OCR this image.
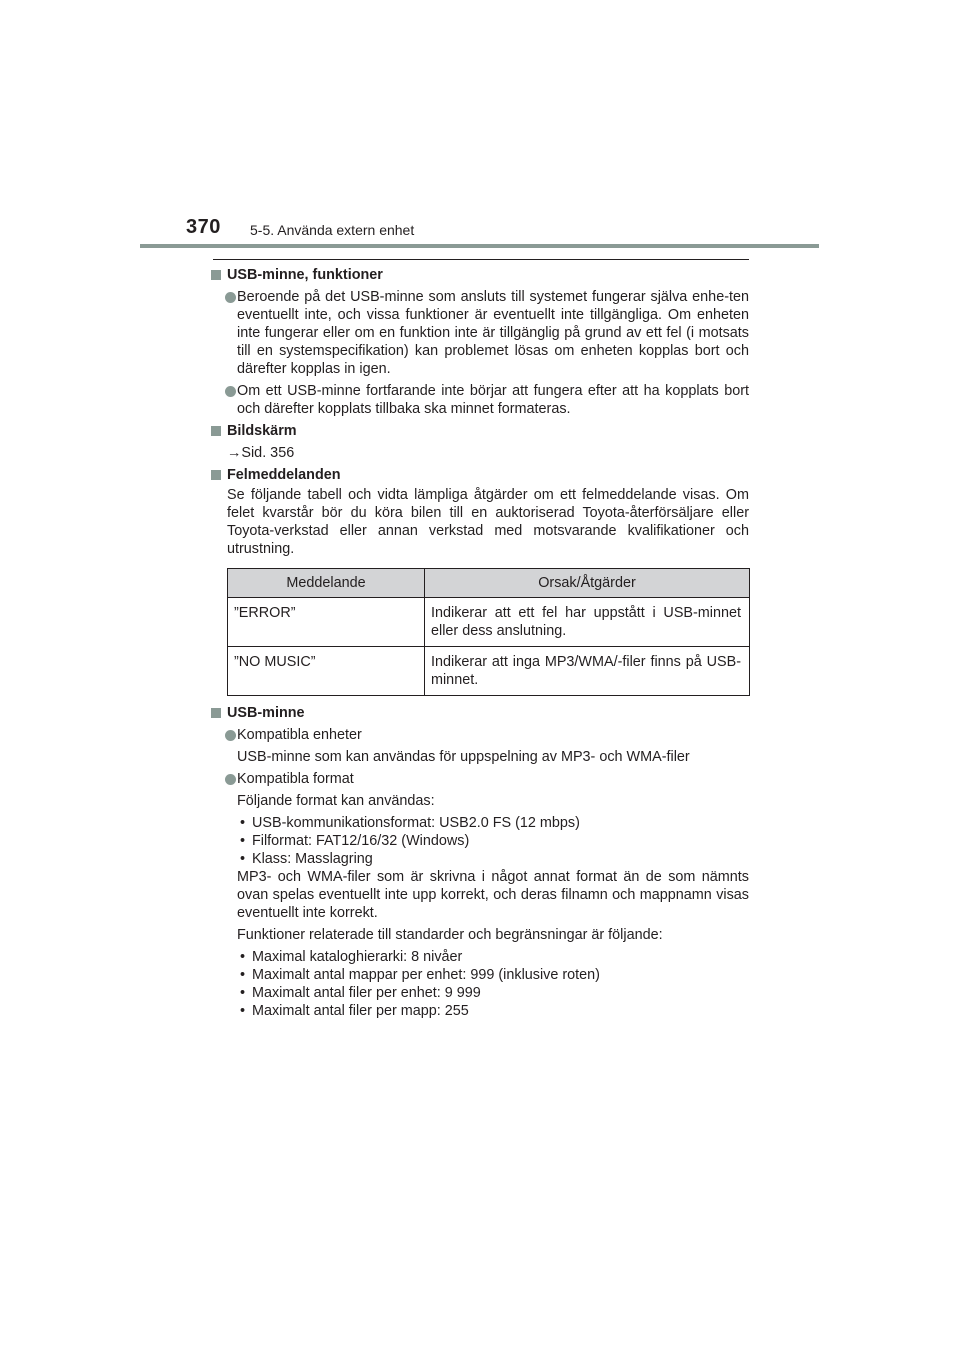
370 5-5. Använda extern enhet

USB-minne, funktioner

Beroende på det USB-minne som ansluts till systemet fungerar själva enhe-ten eventuellt inte, och vissa funktioner är eventuellt inte tillgängliga. Om enheten inte fungerar eller om en funktion inte är tillgänglig på grund av ett fel (i motsats till en systemspecifikation) kan problemet lösas om enheten kopplas bort och därefter kopplas in igen.

Om ett USB-minne fortfarande inte börjar att fungera efter att ha kopplats bort och därefter kopplats tillbaka ska minnet formateras.

Bildskärm

→Sid. 356

Felmeddelanden

Se följande tabell och vidta lämpliga åtgärder om ett felmeddelande visas. Om felet kvarstår bör du köra bilen till en auktoriserad Toyota-återförsäljare eller Toyota-verkstad eller annan verkstad med motsvarande kvalifikationer och utrustning.

Meddelande	Orsak/Åtgärder
”ERROR”	Indikerar att ett fel har uppstått i USB-minnet eller dess anslutning.
”NO MUSIC”	Indikerar att inga MP3/WMA/-filer finns på USB-minnet.

USB-minne

Kompatibla enheter

USB-minne som kan användas för uppspelning av MP3- och WMA-filer

Kompatibla format

Följande format kan användas:

• USB-kommunikationsformat: USB2.0 FS (12 mbps)

• Filformat: FAT12/16/32 (Windows)

• Klass: Masslagring

MP3- och WMA-filer som är skrivna i något annat format än de som nämnts ovan spelas eventuellt inte upp korrekt, och deras filnamn och mappnamn visas eventuellt inte korrekt.

Funktioner relaterade till standarder och begränsningar är följande:

• Maximal kataloghierarki: 8 nivåer

• Maximalt antal mappar per enhet: 999 (inklusive roten)

• Maximalt antal filer per enhet: 9 999

• Maximalt antal filer per mapp: 255
